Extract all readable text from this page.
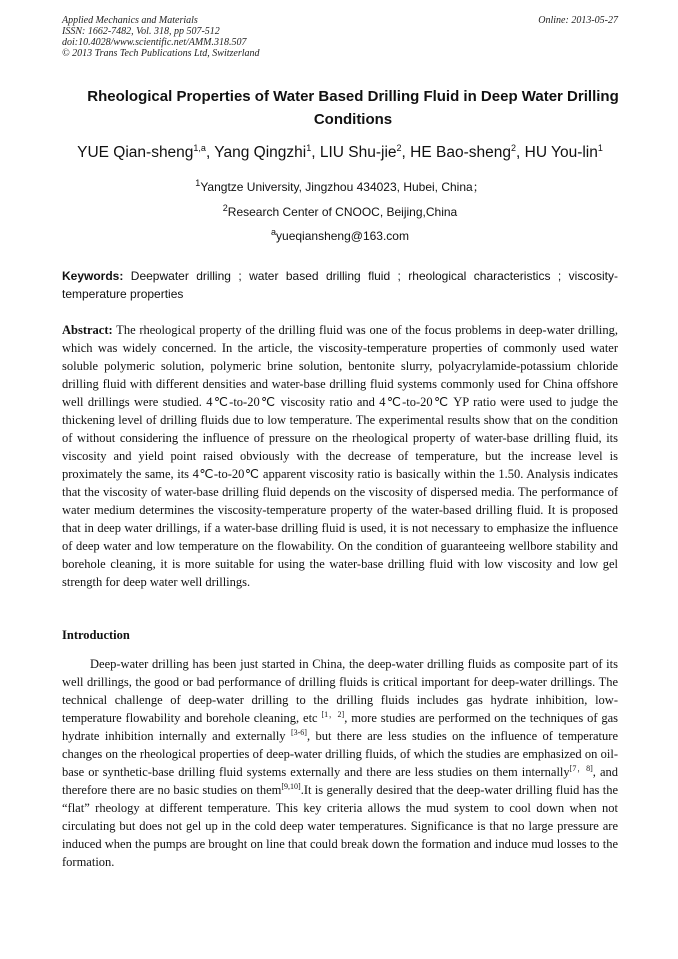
Applied Mechanics and Materials
ISSN: 1662-7482, Vol. 318, pp 507-512
doi:10.4028/www.scientific.net/AMM.318.507
© 2013 Trans Tech Publications Ltd, Switzerland
Online: 2013-05-27
Rheological Properties of Water Based Drilling Fluid in Deep Water Drilling Conditions
YUE Qian-sheng$^{1,a}$, Yang Qingzhi$^1$, LIU Shu-jie$^2$, HE Bao-sheng$^2$, HU You-lin$^1$
$^1$Yangtze University, Jingzhou 434023, Hubei, China；
$^2$Research Center of CNOOC, Beijing,China
$^a$yueqiansheng@163.com
Keywords: Deepwater drilling ; water based drilling fluid ; rheological characteristics ; viscosity-temperature properties
Abstract: The rheological property of the drilling fluid was one of the focus problems in deep-water drilling, which was widely concerned. In the article, the viscosity-temperature properties of commonly used water soluble polymeric solution, polymeric brine solution, bentonite slurry, polyacrylamide-potassium chloride drilling fluid with different densities and water-base drilling fluid systems commonly used for China offshore well drillings were studied. 4℃-to-20℃ viscosity ratio and 4℃-to-20℃ YP ratio were used to judge the thickening level of drilling fluids due to low temperature. The experimental results show that on the condition of without considering the influence of pressure on the rheological property of water-base drilling fluid, its viscosity and yield point raised obviously with the decrease of temperature, but the increase level is proximately the same, its 4℃-to-20℃ apparent viscosity ratio is basically within the 1.50. Analysis indicates that the viscosity of water-base drilling fluid depends on the viscosity of dispersed media. The performance of water medium determines the viscosity-temperature property of the water-based drilling fluid. It is proposed that in deep water drillings, if a water-base drilling fluid is used, it is not necessary to emphasize the influence of deep water and low temperature on the flowability. On the condition of guaranteeing wellbore stability and borehole cleaning, it is more suitable for using the water-base drilling fluid with low viscosity and low gel strength for deep water well drillings.
Introduction
Deep-water drilling has been just started in China, the deep-water drilling fluids as composite part of its well drillings, the good or bad performance of drilling fluids is critical important for deep-water drillings. The technical challenge of deep-water drilling to the drilling fluids includes gas hydrate inhibition, low-temperature flowability and borehole cleaning, etc [1，2], more studies are performed on the techniques of gas hydrate inhibition internally and externally [3-6], but there are less studies on the influence of temperature changes on the rheological properties of deep-water drilling fluids, of which the studies are emphasized on oil-base or synthetic-base drilling fluid systems externally and there are less studies on them internally[7，8], and therefore there are no basic studies on them[9,10].It is generally desired that the deep-water drilling fluid has the “flat” rheology at different temperature. This key criteria allows the mud system to cool down when not circulating but does not gel up in the cold deep water temperatures. Significance is that no large pressure are induced when the pumps are brought on line that could break down the formation and induce mud losses to the formation.
